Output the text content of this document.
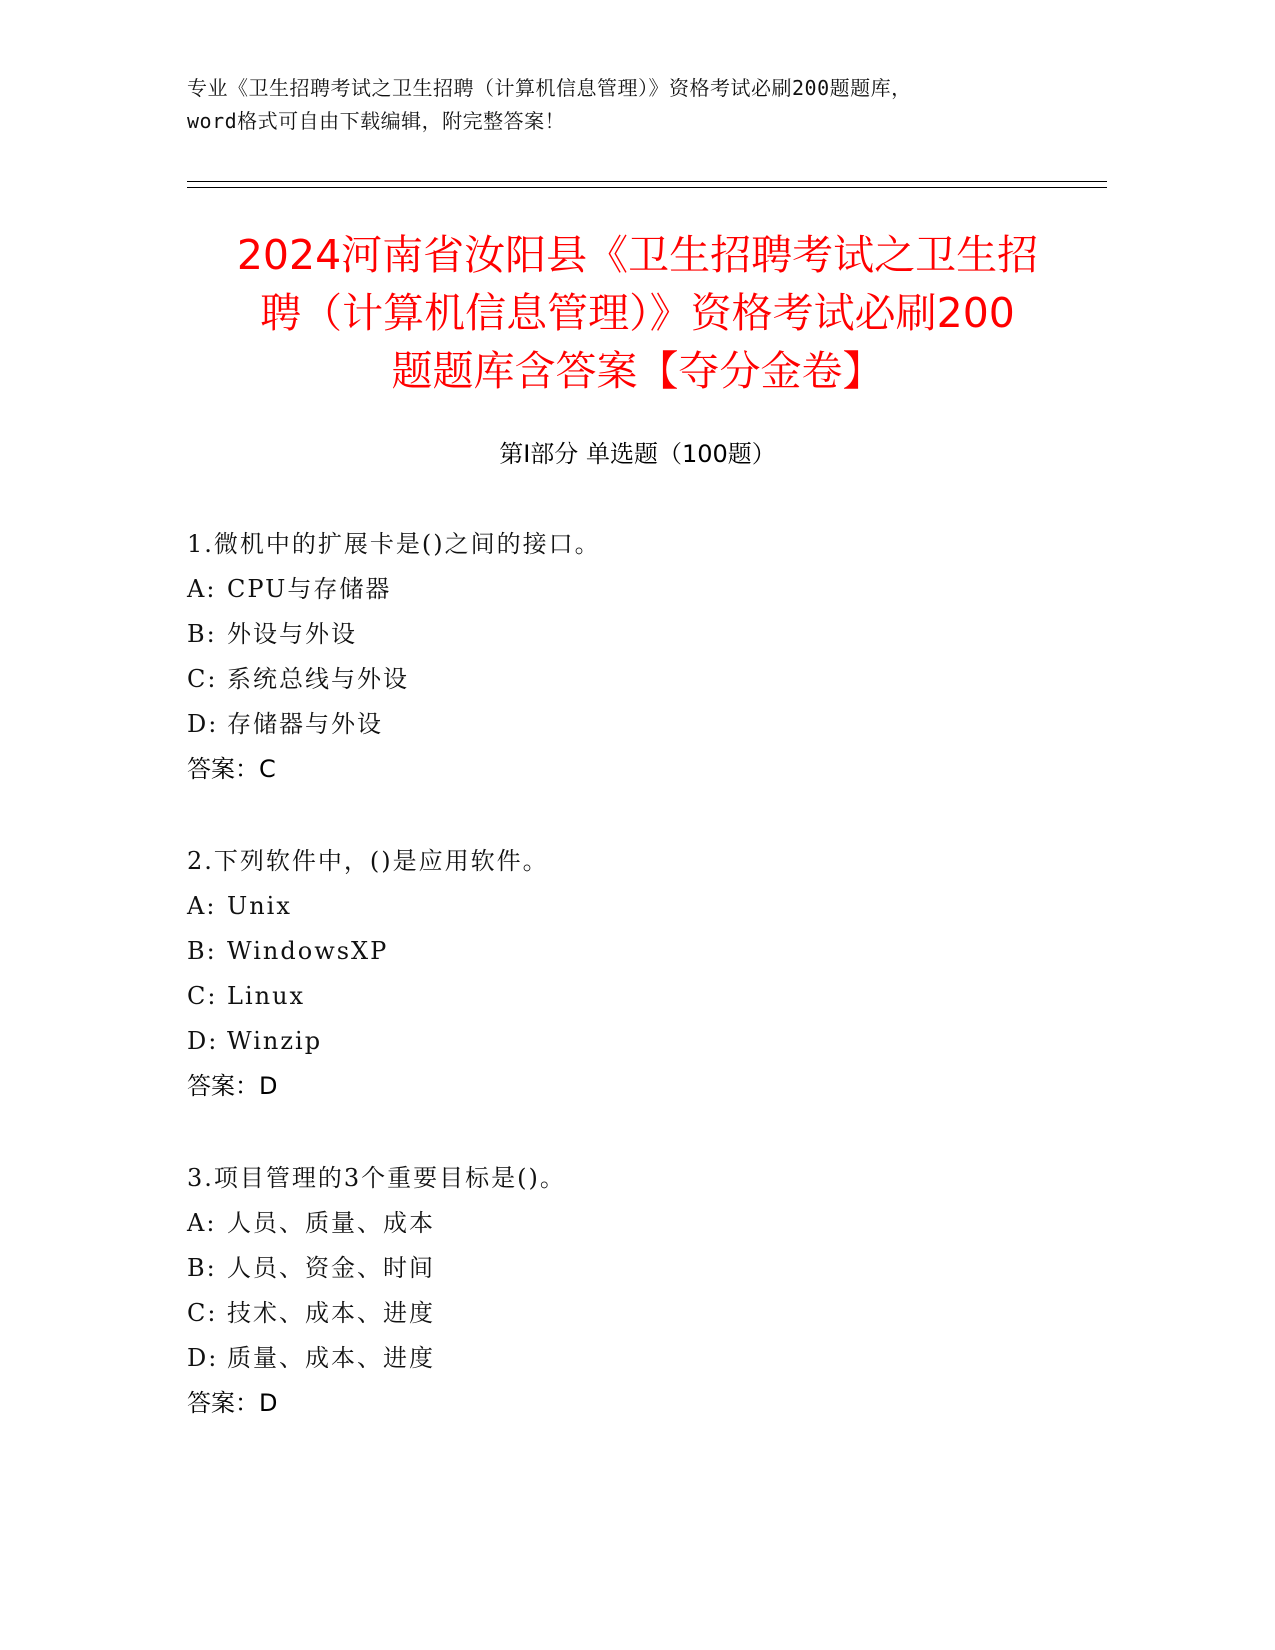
专业《卫生招聘考试之卫生招聘（计算机信息管理）》资格考试必刷200题题库，
word格式可自由下载编辑，附完整答案！
2024河南省汝阳县《卫生招聘考试之卫生招
聘（计算机信息管理）》资格考试必刷200
题题库含答案【夺分金卷】
第I部分 单选题（100题）
1.微机中的扩展卡是()之间的接口。
A: CPU与存储器
B: 外设与外设
C: 系统总线与外设
D: 存储器与外设
答案：C
2.下列软件中，()是应用软件。
A: Unix
B: WindowsXP
C: Linux
D: Winzip
答案：D
3.项目管理的3个重要目标是()。
A: 人员、质量、成本
B: 人员、资金、时间
C: 技术、成本、进度
D: 质量、成本、进度
答案：D
